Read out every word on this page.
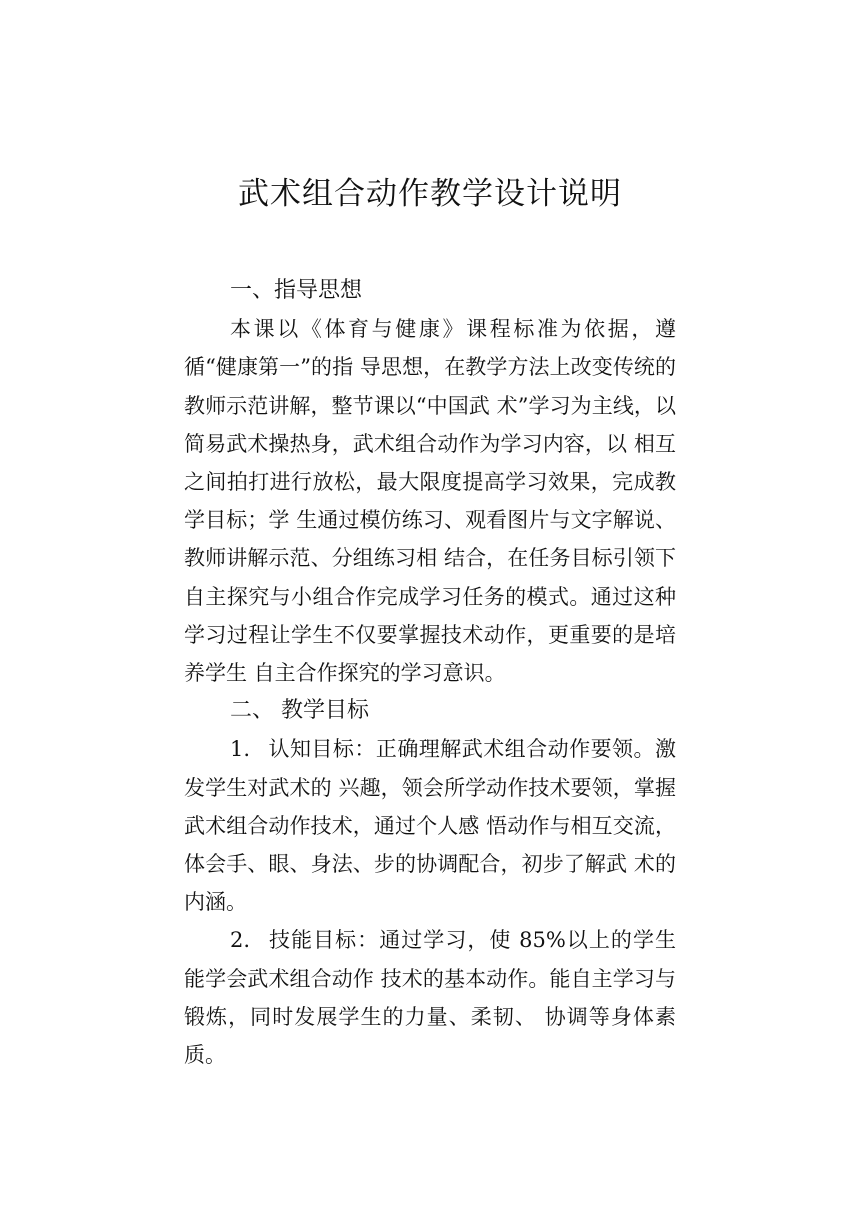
武术组合动作教学设计说明

一、指导思想

本课以《体育与健康》课程标准为依据，遵循“健康第一”的指 导思想，在教学方法上改变传统的教师示范讲解，整节课以“中国武 术”学习为主线，以简易武术操热身，武术组合动作为学习内容，以 相互之间拍打进行放松，最大限度提高学习效果，完成教学目标；学 生通过模仿练习、观看图片与文字解说、教师讲解示范、分组练习相 结合，在任务目标引领下自主探究与小组合作完成学习任务的模式。通过这种学习过程让学生不仅要掌握技术动作，更重要的是培养学生 自主合作探究的学习意识。

二、 教学目标

1. 认知目标：正确理解武术组合动作要领。激发学生对武术的 兴趣，领会所学动作技术要领，掌握武术组合动作技术，通过个人感 悟动作与相互交流，体会手、眼、身法、步的协调配合，初步了解武 术的内涵。

2. 技能目标：通过学习，使 85%以上的学生能学会武术组合动作 技术的基本动作。能自主学习与锻炼，同时发展学生的力量、柔韧、 协调等身体素质。
